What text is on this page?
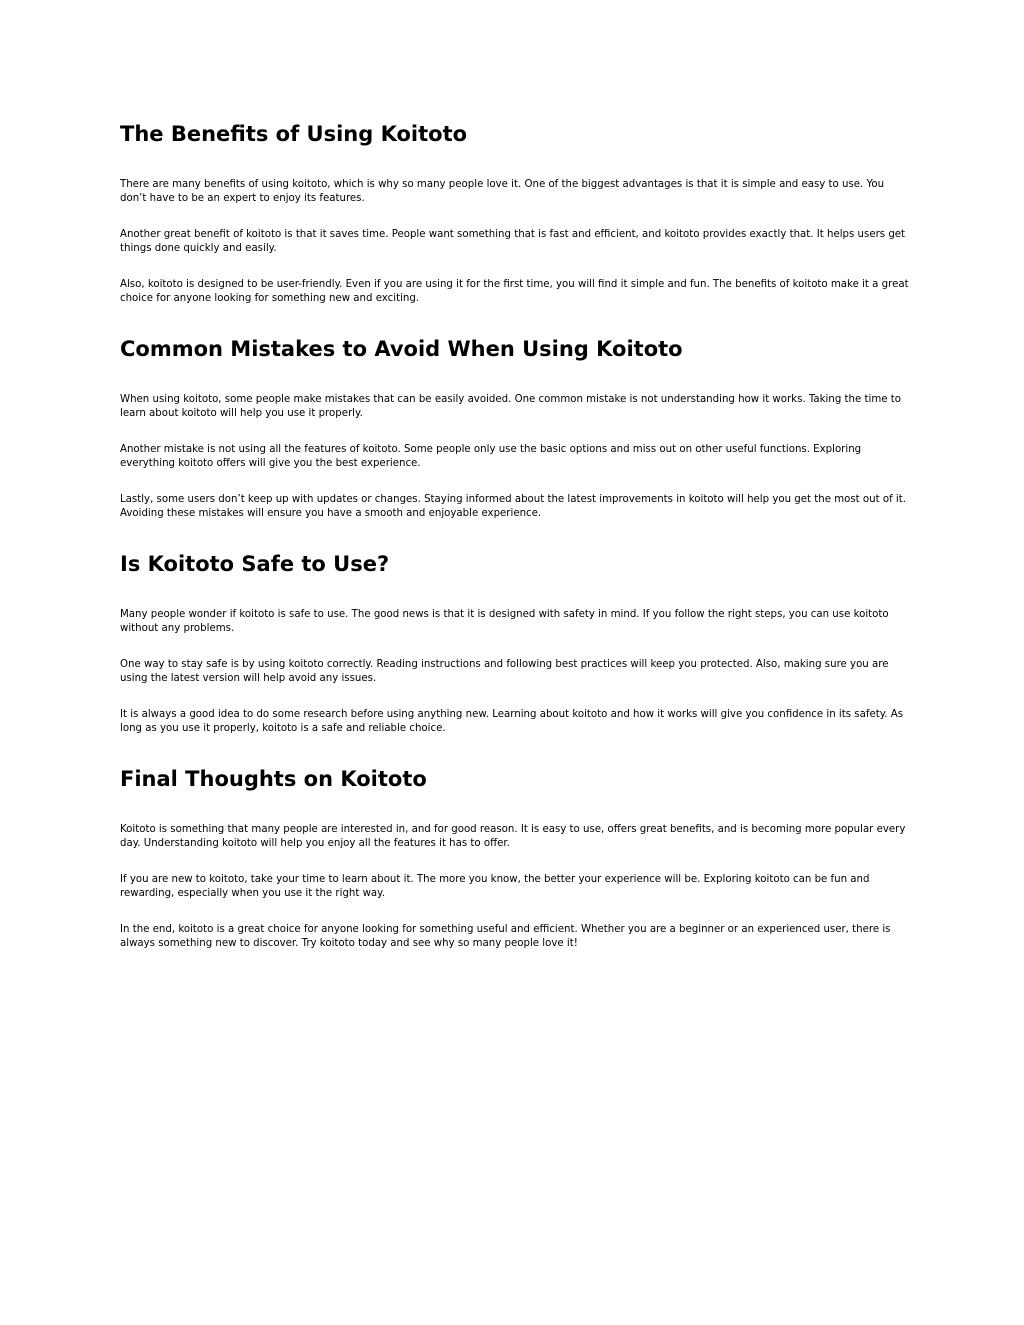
The Benefits of Using Koitoto

There are many benefits of using koitoto, which is why so many people love it. One of the biggest advantages is that it is simple and easy to use. You don’t have to be an expert to enjoy its features.

Another great benefit of koitoto is that it saves time. People want something that is fast and efficient, and koitoto provides exactly that. It helps users get things done quickly and easily.

Also, koitoto is designed to be user-friendly. Even if you are using it for the first time, you will find it simple and fun. The benefits of koitoto make it a great choice for anyone looking for something new and exciting.

Common Mistakes to Avoid When Using Koitoto

When using koitoto, some people make mistakes that can be easily avoided. One common mistake is not understanding how it works. Taking the time to learn about koitoto will help you use it properly.

Another mistake is not using all the features of koitoto. Some people only use the basic options and miss out on other useful functions. Exploring everything koitoto offers will give you the best experience.

Lastly, some users don’t keep up with updates or changes. Staying informed about the latest improvements in koitoto will help you get the most out of it. Avoiding these mistakes will ensure you have a smooth and enjoyable experience.

Is Koitoto Safe to Use?

Many people wonder if koitoto is safe to use. The good news is that it is designed with safety in mind. If you follow the right steps, you can use koitoto without any problems.

One way to stay safe is by using koitoto correctly. Reading instructions and following best practices will keep you protected. Also, making sure you are using the latest version will help avoid any issues.

It is always a good idea to do some research before using anything new. Learning about koitoto and how it works will give you confidence in its safety. As long as you use it properly, koitoto is a safe and reliable choice.

Final Thoughts on Koitoto

Koitoto is something that many people are interested in, and for good reason. It is easy to use, offers great benefits, and is becoming more popular every day. Understanding koitoto will help you enjoy all the features it has to offer.

If you are new to koitoto, take your time to learn about it. The more you know, the better your experience will be. Exploring koitoto can be fun and rewarding, especially when you use it the right way.

In the end, koitoto is a great choice for anyone looking for something useful and efficient. Whether you are a beginner or an experienced user, there is always something new to discover. Try koitoto today and see why so many people love it!
